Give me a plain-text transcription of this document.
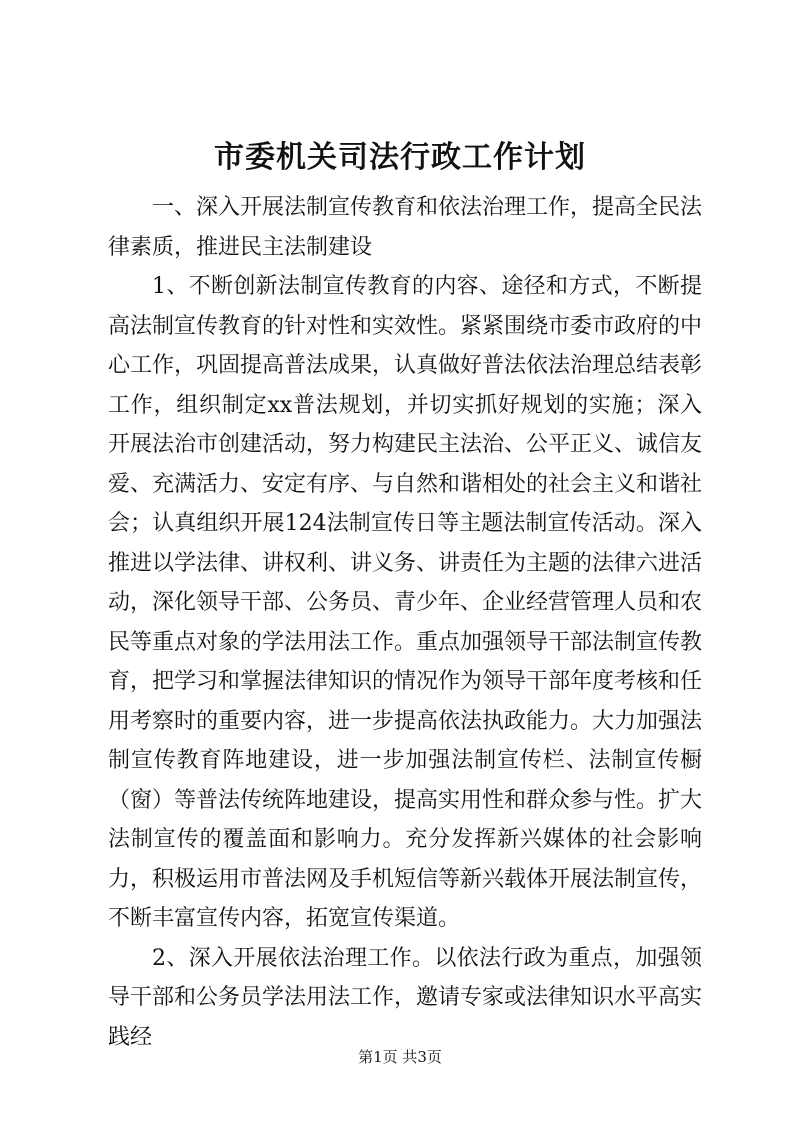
市委机关司法行政工作计划

一、深入开展法制宣传教育和依法治理工作，提高全民法律素质，推进民主法制建设

1、不断创新法制宣传教育的内容、途径和方式，不断提高法制宣传教育的针对性和实效性。紧紧围绕市委市政府的中心工作，巩固提高普法成果，认真做好普法依法治理总结表彰工作，组织制定xx普法规划，并切实抓好规划的实施；深入开展法治市创建活动，努力构建民主法治、公平正义、诚信友爱、充满活力、安定有序、与自然和谐相处的社会主义和谐社会；认真组织开展124法制宣传日等主题法制宣传活动。深入推进以学法律、讲权利、讲义务、讲责任为主题的法律六进活动，深化领导干部、公务员、青少年、企业经营管理人员和农民等重点对象的学法用法工作。重点加强领导干部法制宣传教育，把学习和掌握法律知识的情况作为领导干部年度考核和任用考察时的重要内容，进一步提高依法执政能力。大力加强法制宣传教育阵地建设，进一步加强法制宣传栏、法制宣传橱（窗）等普法传统阵地建设，提高实用性和群众参与性。扩大法制宣传的覆盖面和影响力。充分发挥新兴媒体的社会影响力，积极运用市普法网及手机短信等新兴载体开展法制宣传，不断丰富宣传内容，拓宽宣传渠道。

2、深入开展依法治理工作。以依法行政为重点，加强领导干部和公务员学法用法工作，邀请专家或法律知识水平高实践经

第1页 共3页
